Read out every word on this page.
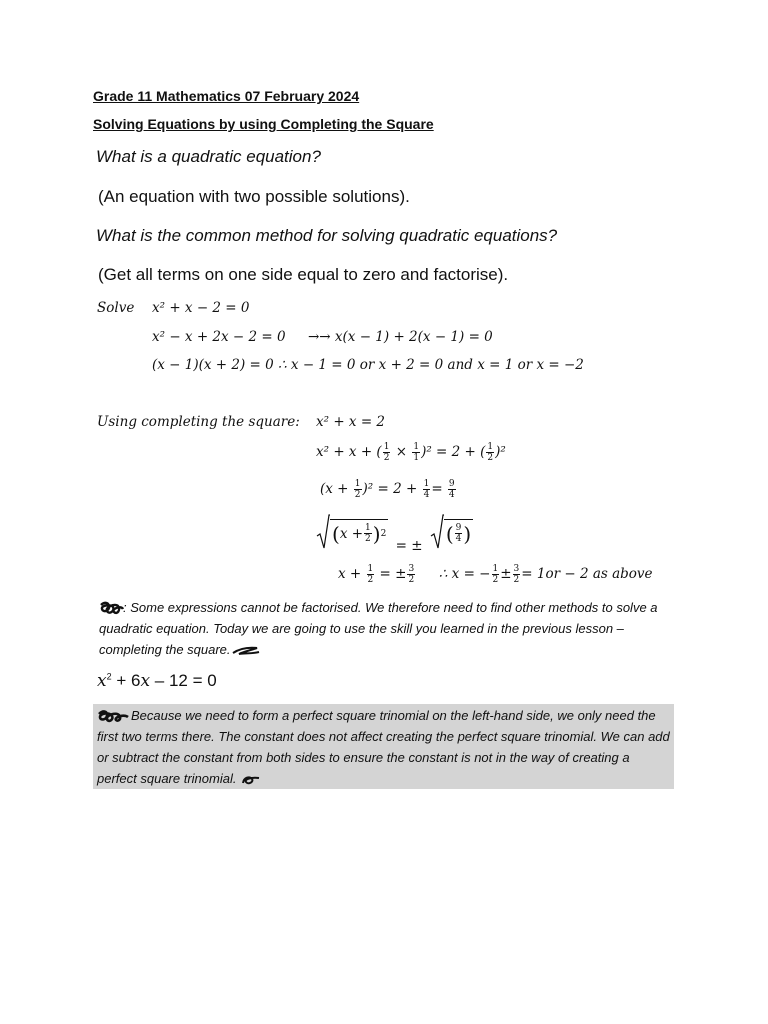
Grade 11 Mathematics 07 February 2024
Solving Equations by using Completing the Square
What is a quadratic equation?
(An equation with two possible solutions).
What is the common method for solving quadratic equations?
(Get all terms on one side equal to zero and factorise).
Solve x² + x − 2 = 0
x² − x + 2x − 2 = 0 →→ x(x − 1) + 2(x − 1) = 0
(x − 1)(x + 2) = 0 ∴ x − 1 = 0 or x + 2 = 0 and x = 1 or x = −2
Using completing the square: x² + x = 2
x² + x + ( $\frac{1}{2} \times \frac{1}{1} )^2 = 2$ + ( $\frac{1}{2} )^2$
$(x + \frac{1}{2} )^2 = 2 + \frac{1}{4} = \frac{9}{4}$
( $x + \frac{1}{2}$ ) 2
= ±
( $\frac{9}{4}$ )
$x + \frac{1}{2}$ = ± $\frac{3}{2}$ ∴ x = − $\frac{1}{2} \pm \frac{3}{2} = 1or - 2$ as above
: Some expressions cannot be factorised. We therefore need to find other methods to solve a quadratic equation. Today we are going to use the skill you learned in the previous lesson – completing the square.
$x^2 + 6x - 12 = 0$
Because we need to form a perfect square trinomial on the left-hand side, we only need the first two terms there. The constant does not affect creating the perfect square trinomial. We can add or subtract the constant from both sides to ensure the constant is not in the way of creating a perfect square trinomial.
